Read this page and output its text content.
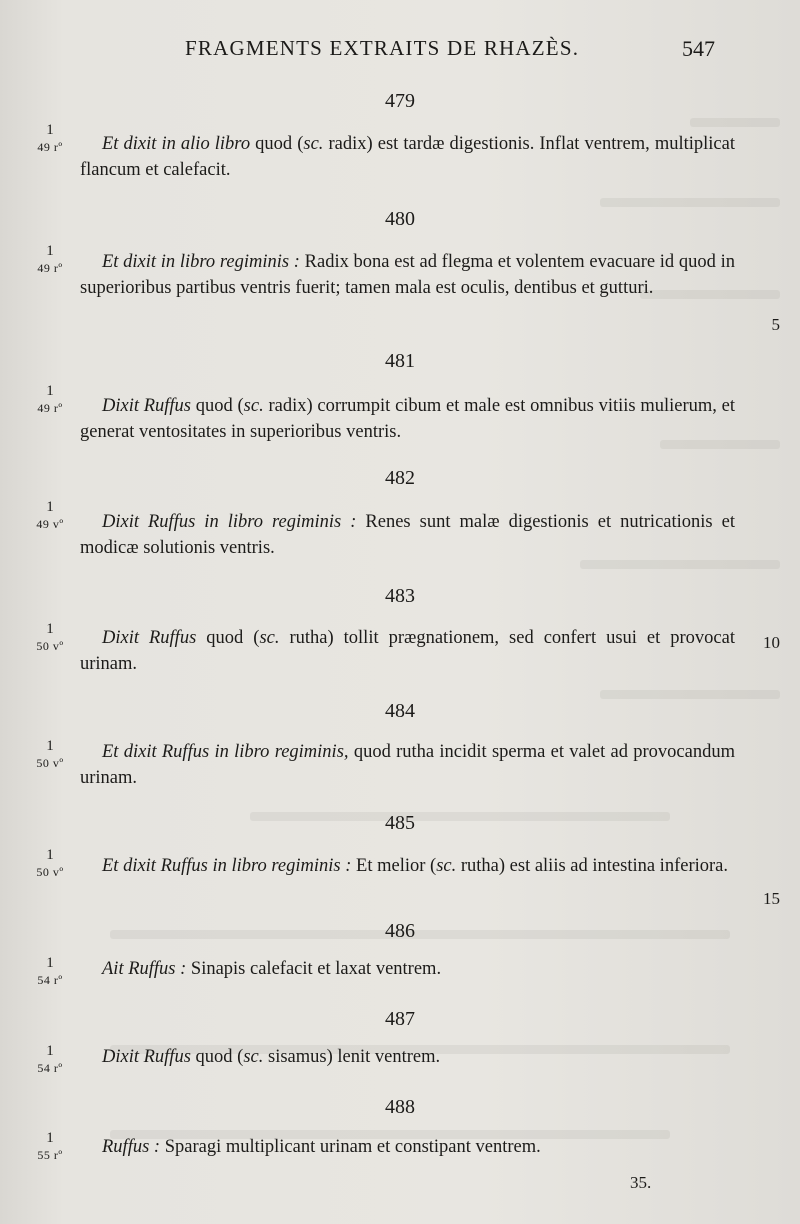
FRAGMENTS EXTRAITS DE RHAZÈS.	547
479
1
49 rº	Et dixit in alio libro quod (sc. radix) est tardæ digestionis. Inflat ventrem, multiplicat flancum et calefacit.
480
1
49 rº	Et dixit in libro regiminis : Radix bona est ad flegma et volentem evacuare id quod in superioribus partibus ventris fuerit; tamen mala est oculis, dentibus et gutturi.
481
1
49 rº	Dixit Ruffus quod (sc. radix) corrumpit cibum et male est omnibus vitiis mulierum, et generat ventositates in superioribus ventris.
482
1
49 vº	Dixit Ruffus in libro regiminis : Renes sunt malæ digestionis et nutricationis et modicæ solutionis ventris.
483
1
50 vº	Dixit Ruffus quod (sc. rutha) tollit prægnationem, sed confert usui et provocat urinam.
484
1
50 vº
Et dixit Ruffus in libro regiminis, quod rutha incidit sperma et valet ad provocandum urinam.
485
1
50 vº	Et dixit Ruffus in libro regiminis : Et melior (sc. rutha) est aliis ad intestina inferiora.
486
1
54 rº
Ait Ruffus : Sinapis calefacit et laxat ventrem.
487
1
54 rº
Dixit Ruffus quod (sc. sisamus) lenit ventrem.
488
1
55 rº	Ruffus : Sparagi multiplicant urinam et constipant ventrem.
5
10
15
35.
